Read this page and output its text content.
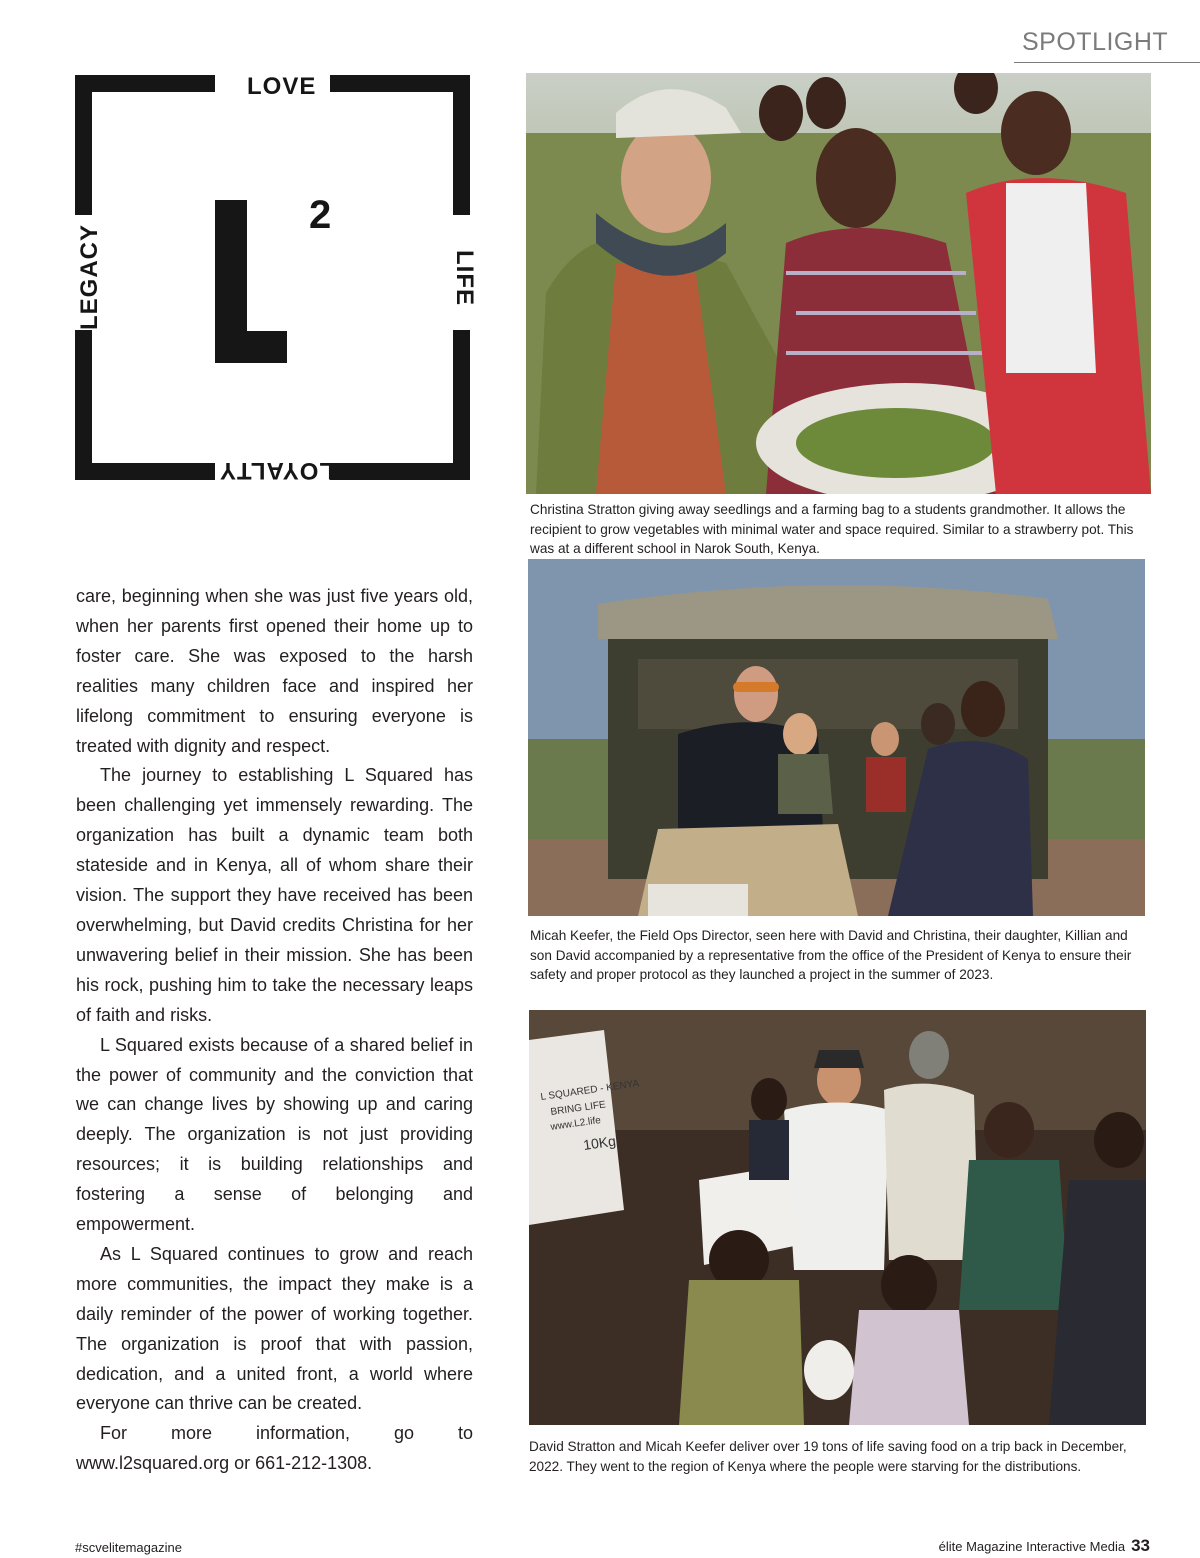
SPOTLIGHT
LOVE
LEGACY	LIFE
LOYALTY
2

care, beginning when she was just five years old, when her parents first opened their home up to foster care. She was exposed to the harsh realities many children face and inspired her lifelong commitment to ensuring everyone is treated with dignity and respect.

The journey to establishing L Squared has been challenging yet immensely rewarding. The organization has built a dynamic team both stateside and in Kenya, all of whom share their vision. The support they have received has been overwhelming, but David credits Christina for her unwavering belief in their mission. She has been his rock, pushing him to take the necessary leaps of faith and risks.

L Squared exists because of a shared belief in the power of community and the conviction that we can change lives by showing up and caring deeply. The organization is not just providing resources; it is building relationships and fostering a sense of belonging and empowerment.

As L Squared continues to grow and reach more communities, the impact they make is a daily reminder of the power of working together. The organization is proof that with passion, dedication, and a united front, a world where everyone can thrive can be created.

For more information, go to www.l2squared.org or 661-212-1308.

Christina Stratton giving away seedlings and a farming bag to a students grandmother. It allows the recipient to grow vegetables with minimal water and space required. Similar to a strawberry pot. This was at a different school in Narok South, Kenya.
Micah Keefer, the Field Ops Director, seen here with David and Christina, their daughter, Killian and son David accompanied by a representative from the office of the President of Kenya to ensure their safety and proper protocol as they launched a project in the summer of 2023.
L SQUARED - KENYA
BRING LIFE
www.L2.life
10Kg
David Stratton and Micah Keefer deliver over 19 tons of life saving food on a trip back in December, 2022. They went to the region of Kenya where the people were starving for the distributions.
#scvelitemagazine	élite Magazine Interactive Media 33
